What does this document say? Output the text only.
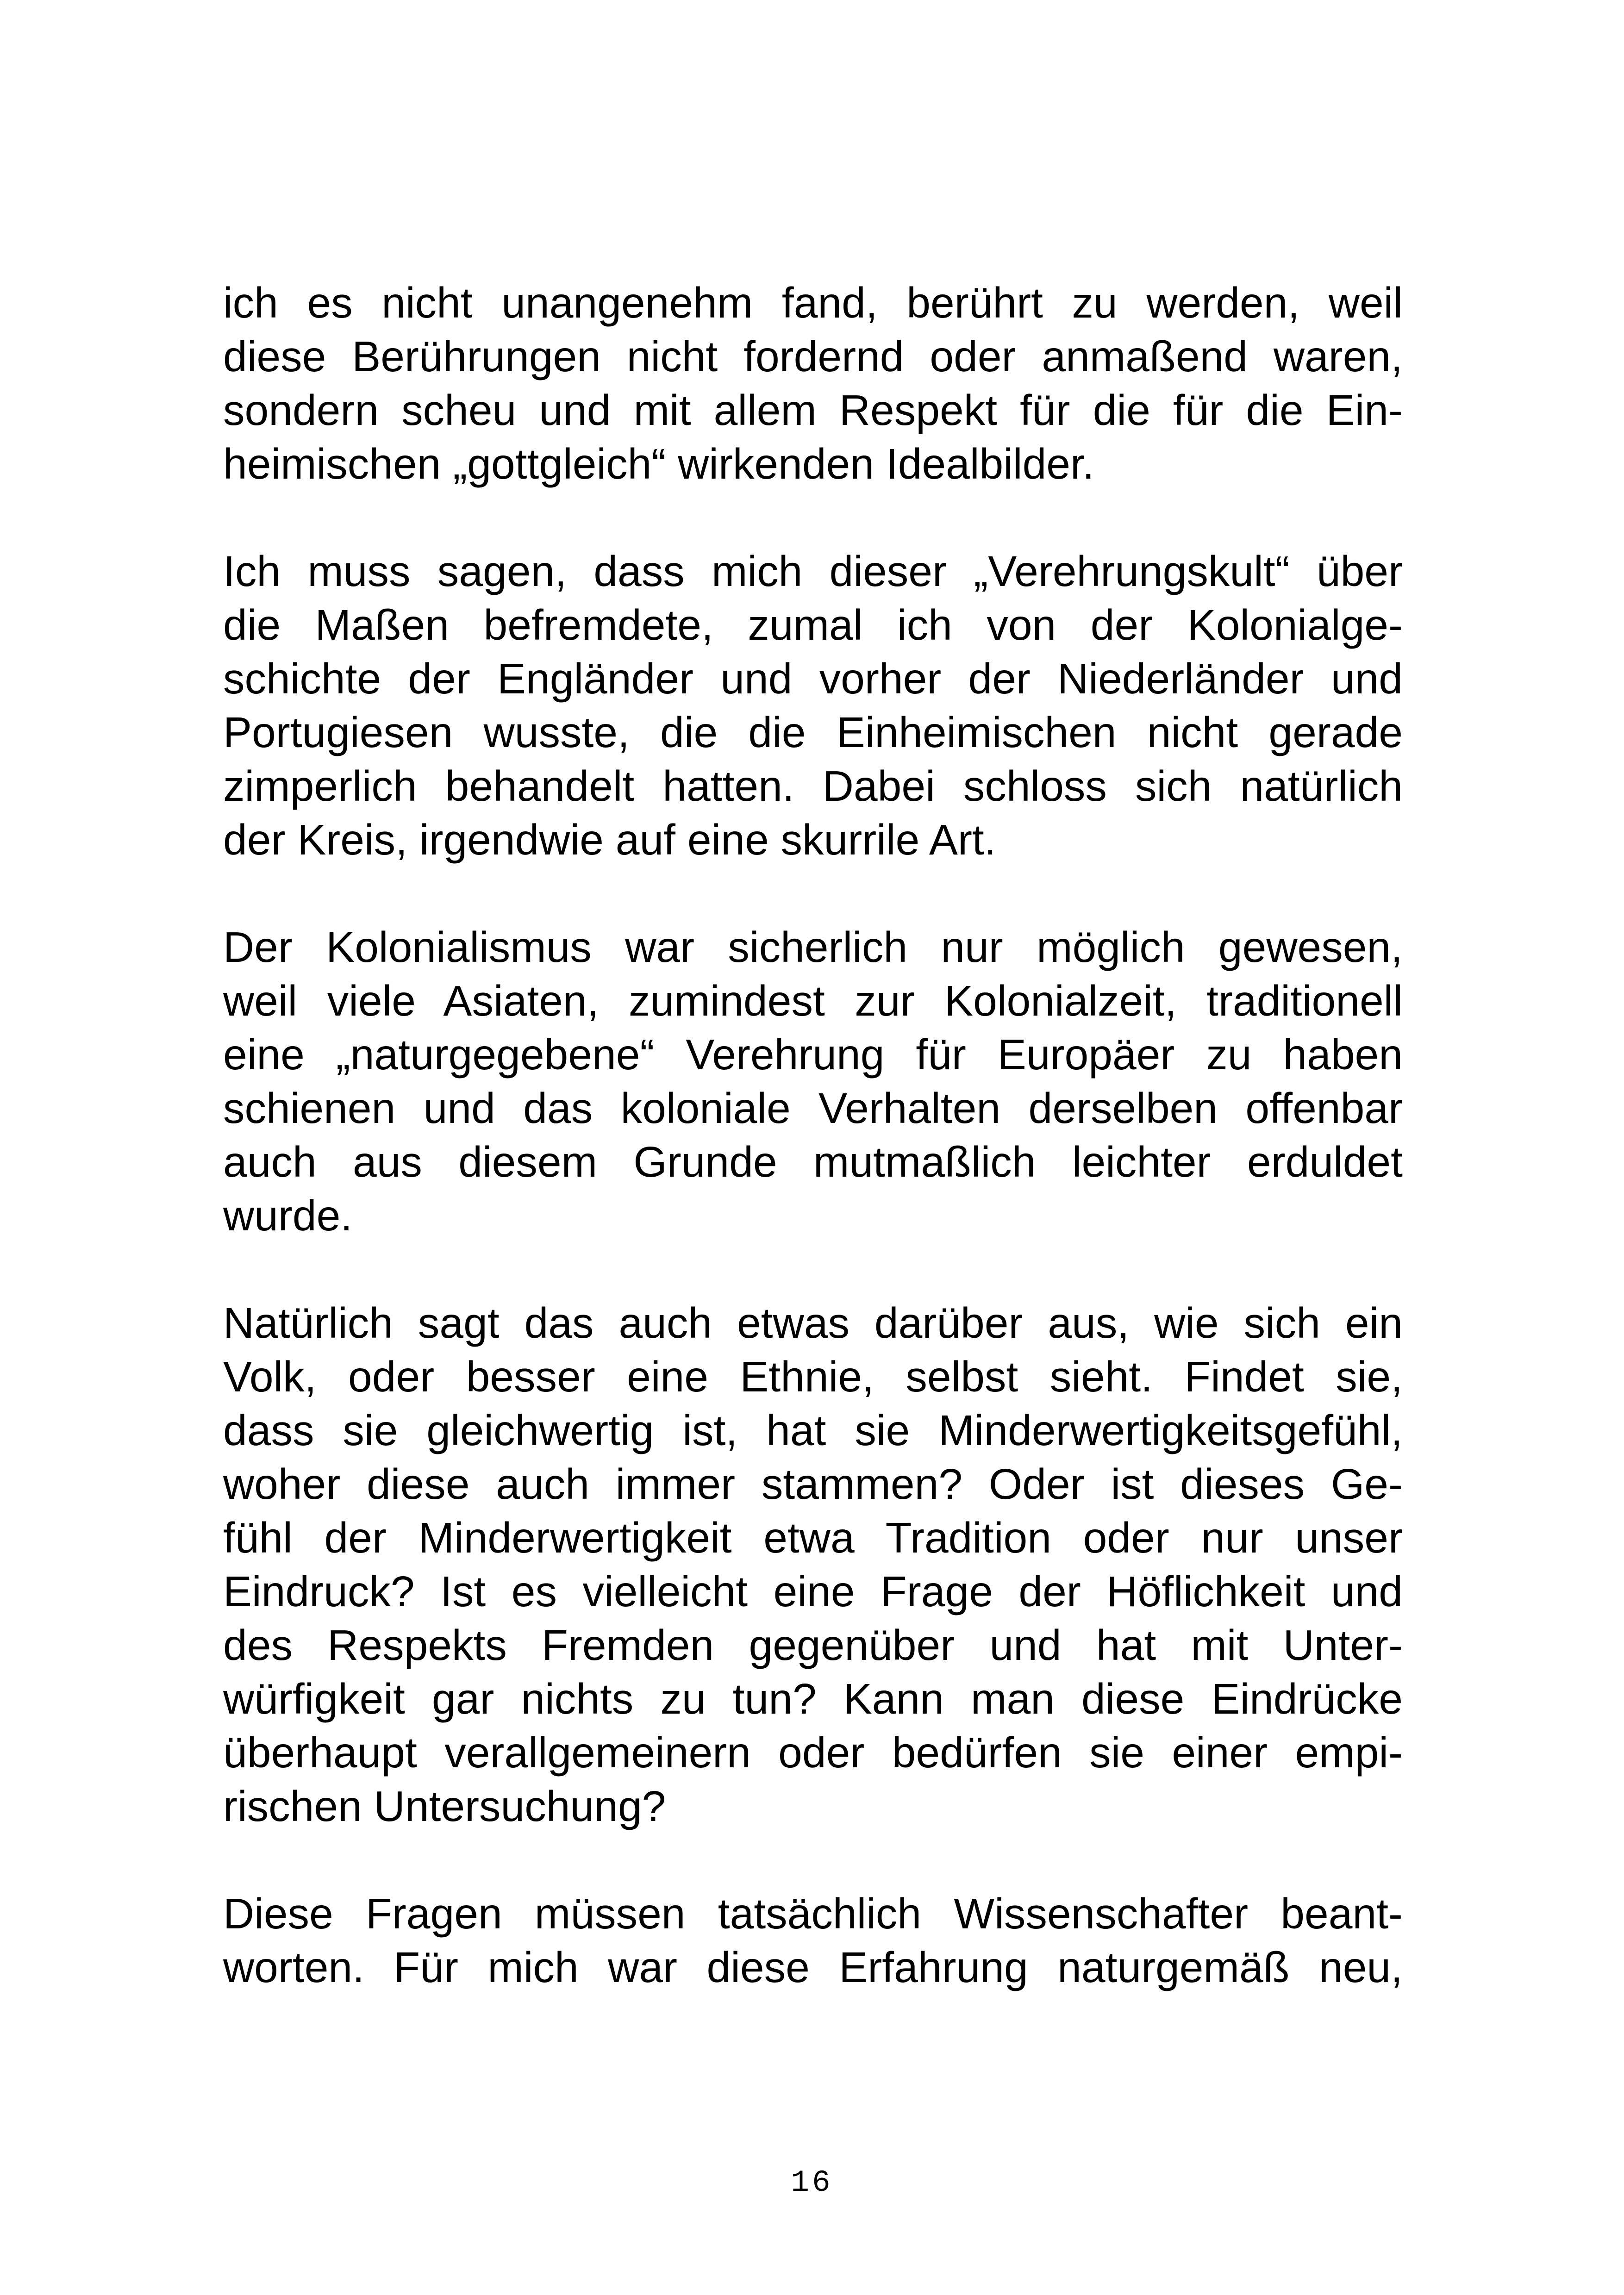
ich es nicht unangenehm fand, berührt zu werden, weil
diese Berührungen nicht fordernd oder anmaßend waren,
sondern scheu und mit allem Respekt für die für die Ein-
heimischen „gottgleich“ wirkenden Idealbilder.

Ich muss sagen, dass mich dieser „Verehrungskult“ über
die Maßen befremdete, zumal ich von der Kolonialge-
schichte der Engländer und vorher der Niederländer und
Portugiesen wusste, die die Einheimischen nicht gerade
zimperlich behandelt hatten. Dabei schloss sich natürlich
der Kreis, irgendwie auf eine skurrile Art.

Der Kolonialismus war sicherlich nur möglich gewesen,
weil viele Asiaten, zumindest zur Kolonialzeit, traditionell
eine „naturgegebene“ Verehrung für Europäer zu haben
schienen und das koloniale Verhalten derselben offenbar
auch aus diesem Grunde mutmaßlich leichter erduldet
wurde.

Natürlich sagt das auch etwas darüber aus, wie sich ein
Volk, oder besser eine Ethnie, selbst sieht. Findet sie,
dass sie gleichwertig ist, hat sie Minderwertigkeitsgefühl,
woher diese auch immer stammen? Oder ist dieses Ge-
fühl der Minderwertigkeit etwa Tradition oder nur unser
Eindruck? Ist es vielleicht eine Frage der Höflichkeit und
des Respekts Fremden gegenüber und hat mit Unter-
würfigkeit gar nichts zu tun? Kann man diese Eindrücke
überhaupt verallgemeinern oder bedürfen sie einer empi-
rischen Untersuchung?

Diese Fragen müssen tatsächlich Wissenschafter beant-
worten. Für mich war diese Erfahrung naturgemäß neu,

16
